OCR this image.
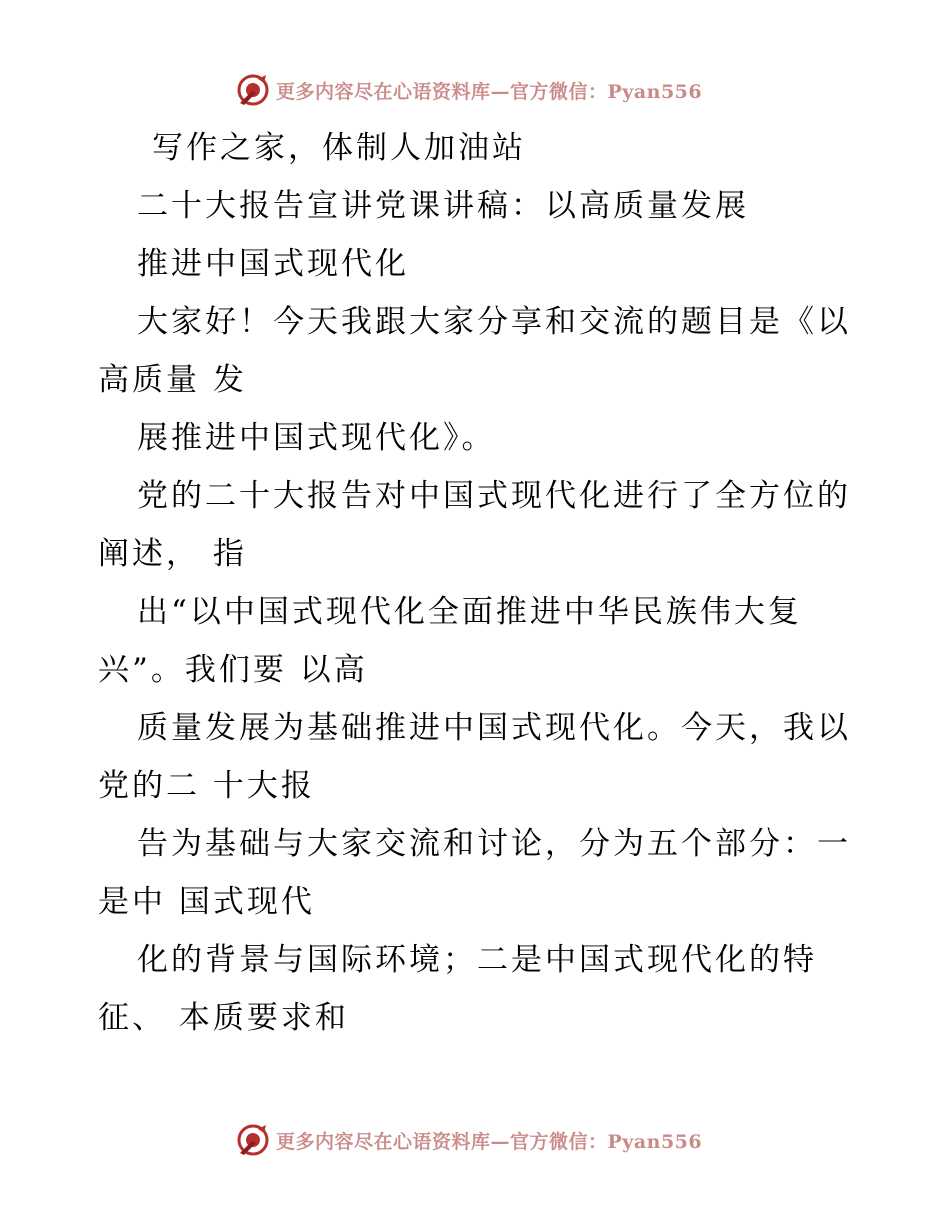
更多内容尽在心语资料库—官方微信：Pyan556
写作之家，体制人加油站
二十大报告宣讲党课讲稿：以高质量发展
推进中国式现代化
大家好！今天我跟大家分享和交流的题目是《以
高质量 发
展推进中国式现代化》。
党的二十大报告对中国式现代化进行了全方位的
阐述， 指
出“以中国式现代化全面推进中华民族伟大复
兴”。我们要 以高
质量发展为基础推进中国式现代化。今天，我以
党的二 十大报
告为基础与大家交流和讨论，分为五个部分：一
是中 国式现代
化的背景与国际环境；二是中国式现代化的特
征、 本质要求和
更多内容尽在心语资料库—官方微信：Pyan556
